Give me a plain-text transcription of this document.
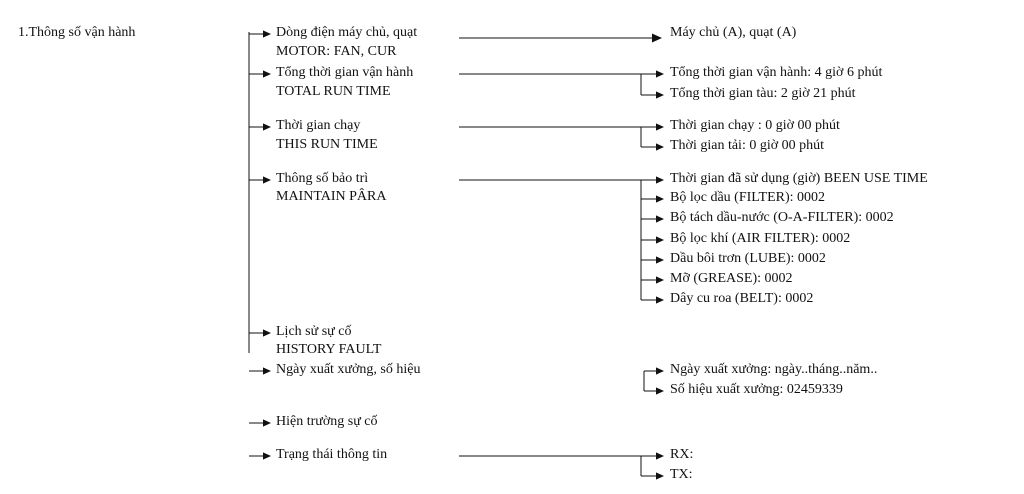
1.Thông số vận hành	Dòng điện máy chủ, quạt
MOTOR: FAN, CUR
Máy chủ (A), quạt (A)
Tổng thời gian vận hành
TOTAL RUN TIME
Tổng thời gian vận hành: 4 giờ 6 phút
Tổng thời gian tàu: 2 giờ 21 phút
Thời gian chạy
THIS RUN TIME
Thời gian chạy : 0 giờ 00 phút
Thời gian tải: 0 giờ 00 phút
Thông số bảo trì
MAINTAIN PÂRA
Thời gian đã sử dụng (giờ) BEEN USE TIME
Bộ lọc dầu (FILTER): 0002
Bộ tách dầu-nước (O-A-FILTER): 0002
Bộ lọc khí (AIR FILTER): 0002
Dầu bôi trơn (LUBE): 0002
Mỡ (GREASE): 0002
Dây cu roa (BELT): 0002
Lịch sử sự cố
HISTORY FAULT
Ngày xuất xưởng, số hiệu	Ngày xuất xưởng: ngày..tháng..năm..
Số hiệu xuất xưởng: 02459339
Hiện trường sự cố
Trạng thái thông tin	RX:
TX:
